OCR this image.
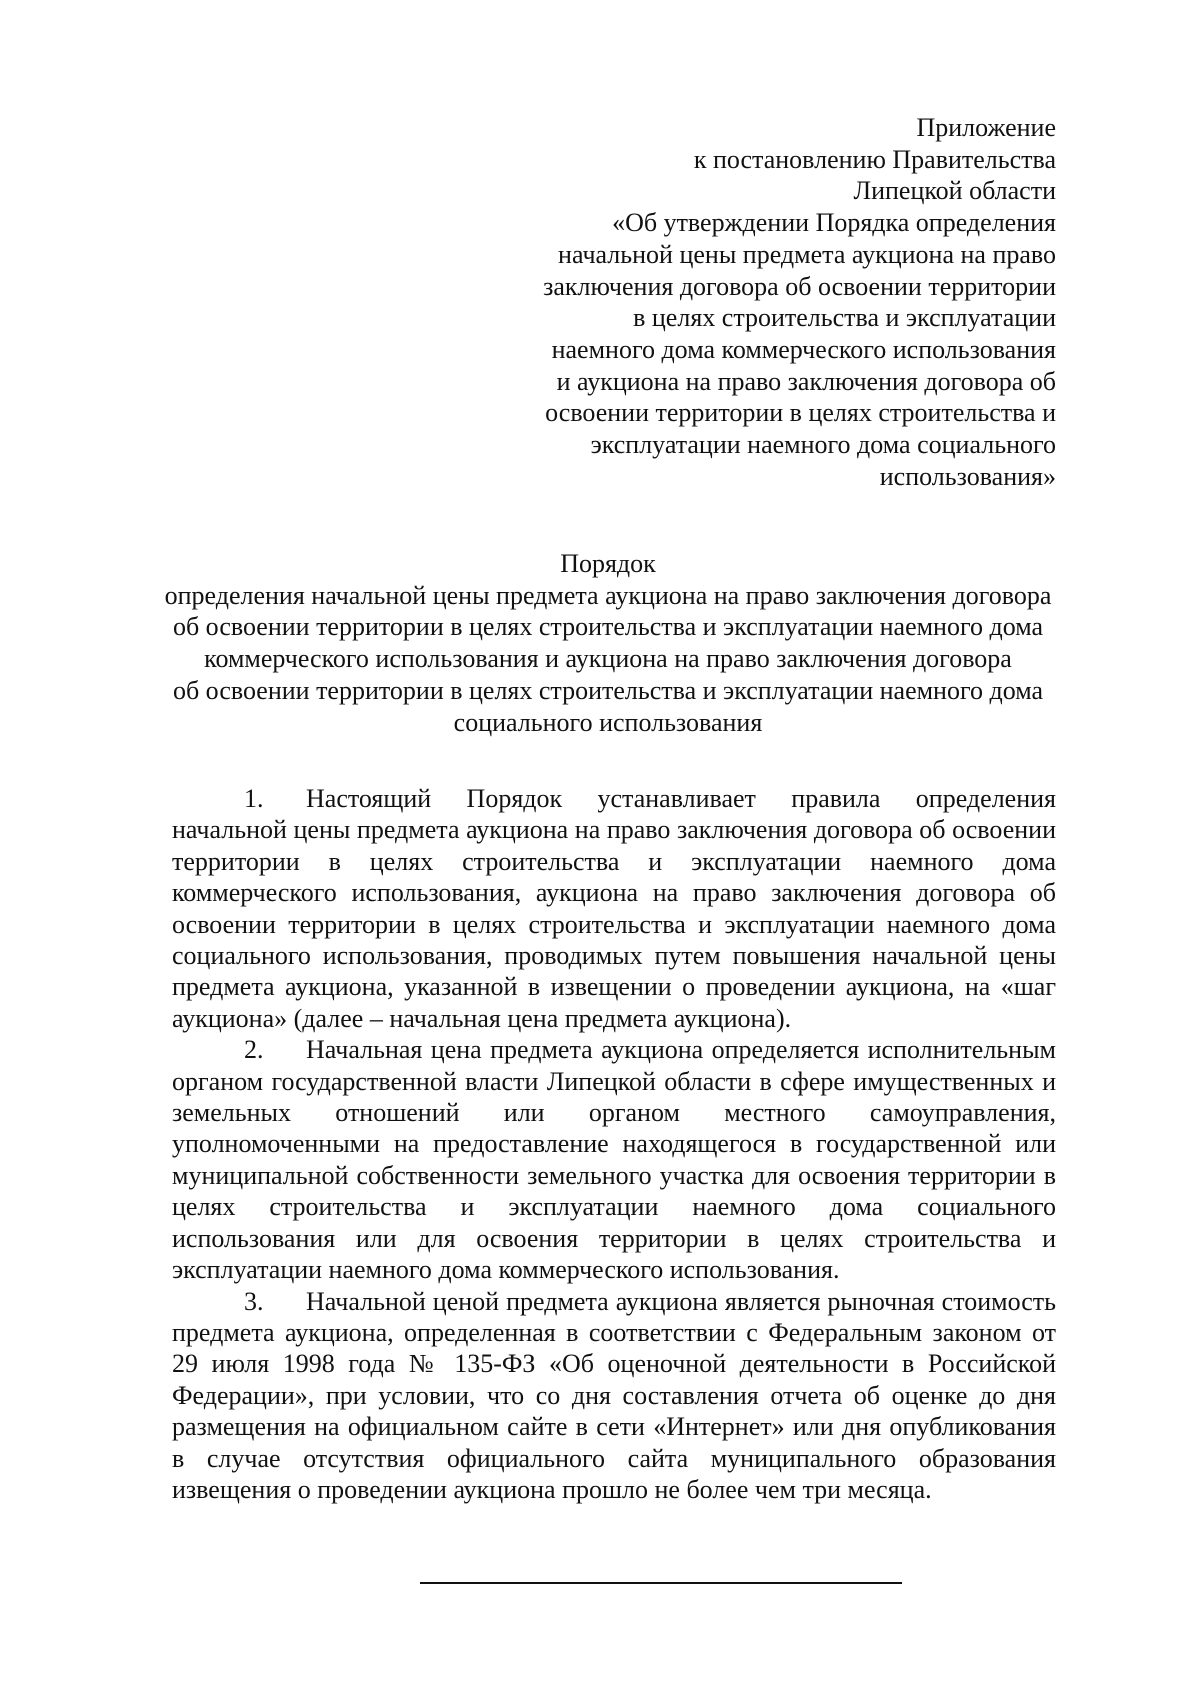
Приложение
к постановлению Правительства
Липецкой области
«Об утверждении Порядка определения
начальной цены предмета аукциона на право
заключения договора об освоении территории
в целях строительства и эксплуатации
наемного дома коммерческого использования
и аукциона на право заключения договора об
освоении территории в целях строительства и
эксплуатации наемного дома социального
использования»
Порядок
определения начальной цены предмета аукциона на право заключения договора
об освоении территории в целях строительства и эксплуатации наемного дома
коммерческого использования и аукциона на право заключения договора
об освоении территории в целях строительства и эксплуатации наемного дома
социального использования

1. Настоящий Порядок устанавливает правила определения начальной цены предмета аукциона на право заключения договора об освоении территории в целях строительства и эксплуатации наемного дома коммерческого использования, аукциона на право заключения договора об освоении территории в целях строительства и эксплуатации наемного дома социального использования, проводимых путем повышения начальной цены предмета аукциона, указанной в извещении о проведении аукциона, на «шаг аукциона» (далее – начальная цена предмета аукциона).

2. Начальная цена предмета аукциона определяется исполнительным органом государственной власти Липецкой области в сфере имущественных и земельных отношений или органом местного самоуправления, уполномоченными на предоставление находящегося в государственной или муниципальной собственности земельного участка для освоения территории в целях строительства и эксплуатации наемного дома социального использования или для освоения территории в целях строительства и эксплуатации наемного дома коммерческого использования.

3. Начальной ценой предмета аукциона является рыночная стоимость предмета аукциона, определенная в соответствии с Федеральным законом от 29 июля 1998 года № 135-ФЗ «Об оценочной деятельности в Российской Федерации», при условии, что со дня составления отчета об оценке до дня размещения на официальном сайте в сети «Интернет» или дня опубликования в случае отсутствия официального сайта муниципального образования извещения о проведении аукциона прошло не более чем три месяца.
